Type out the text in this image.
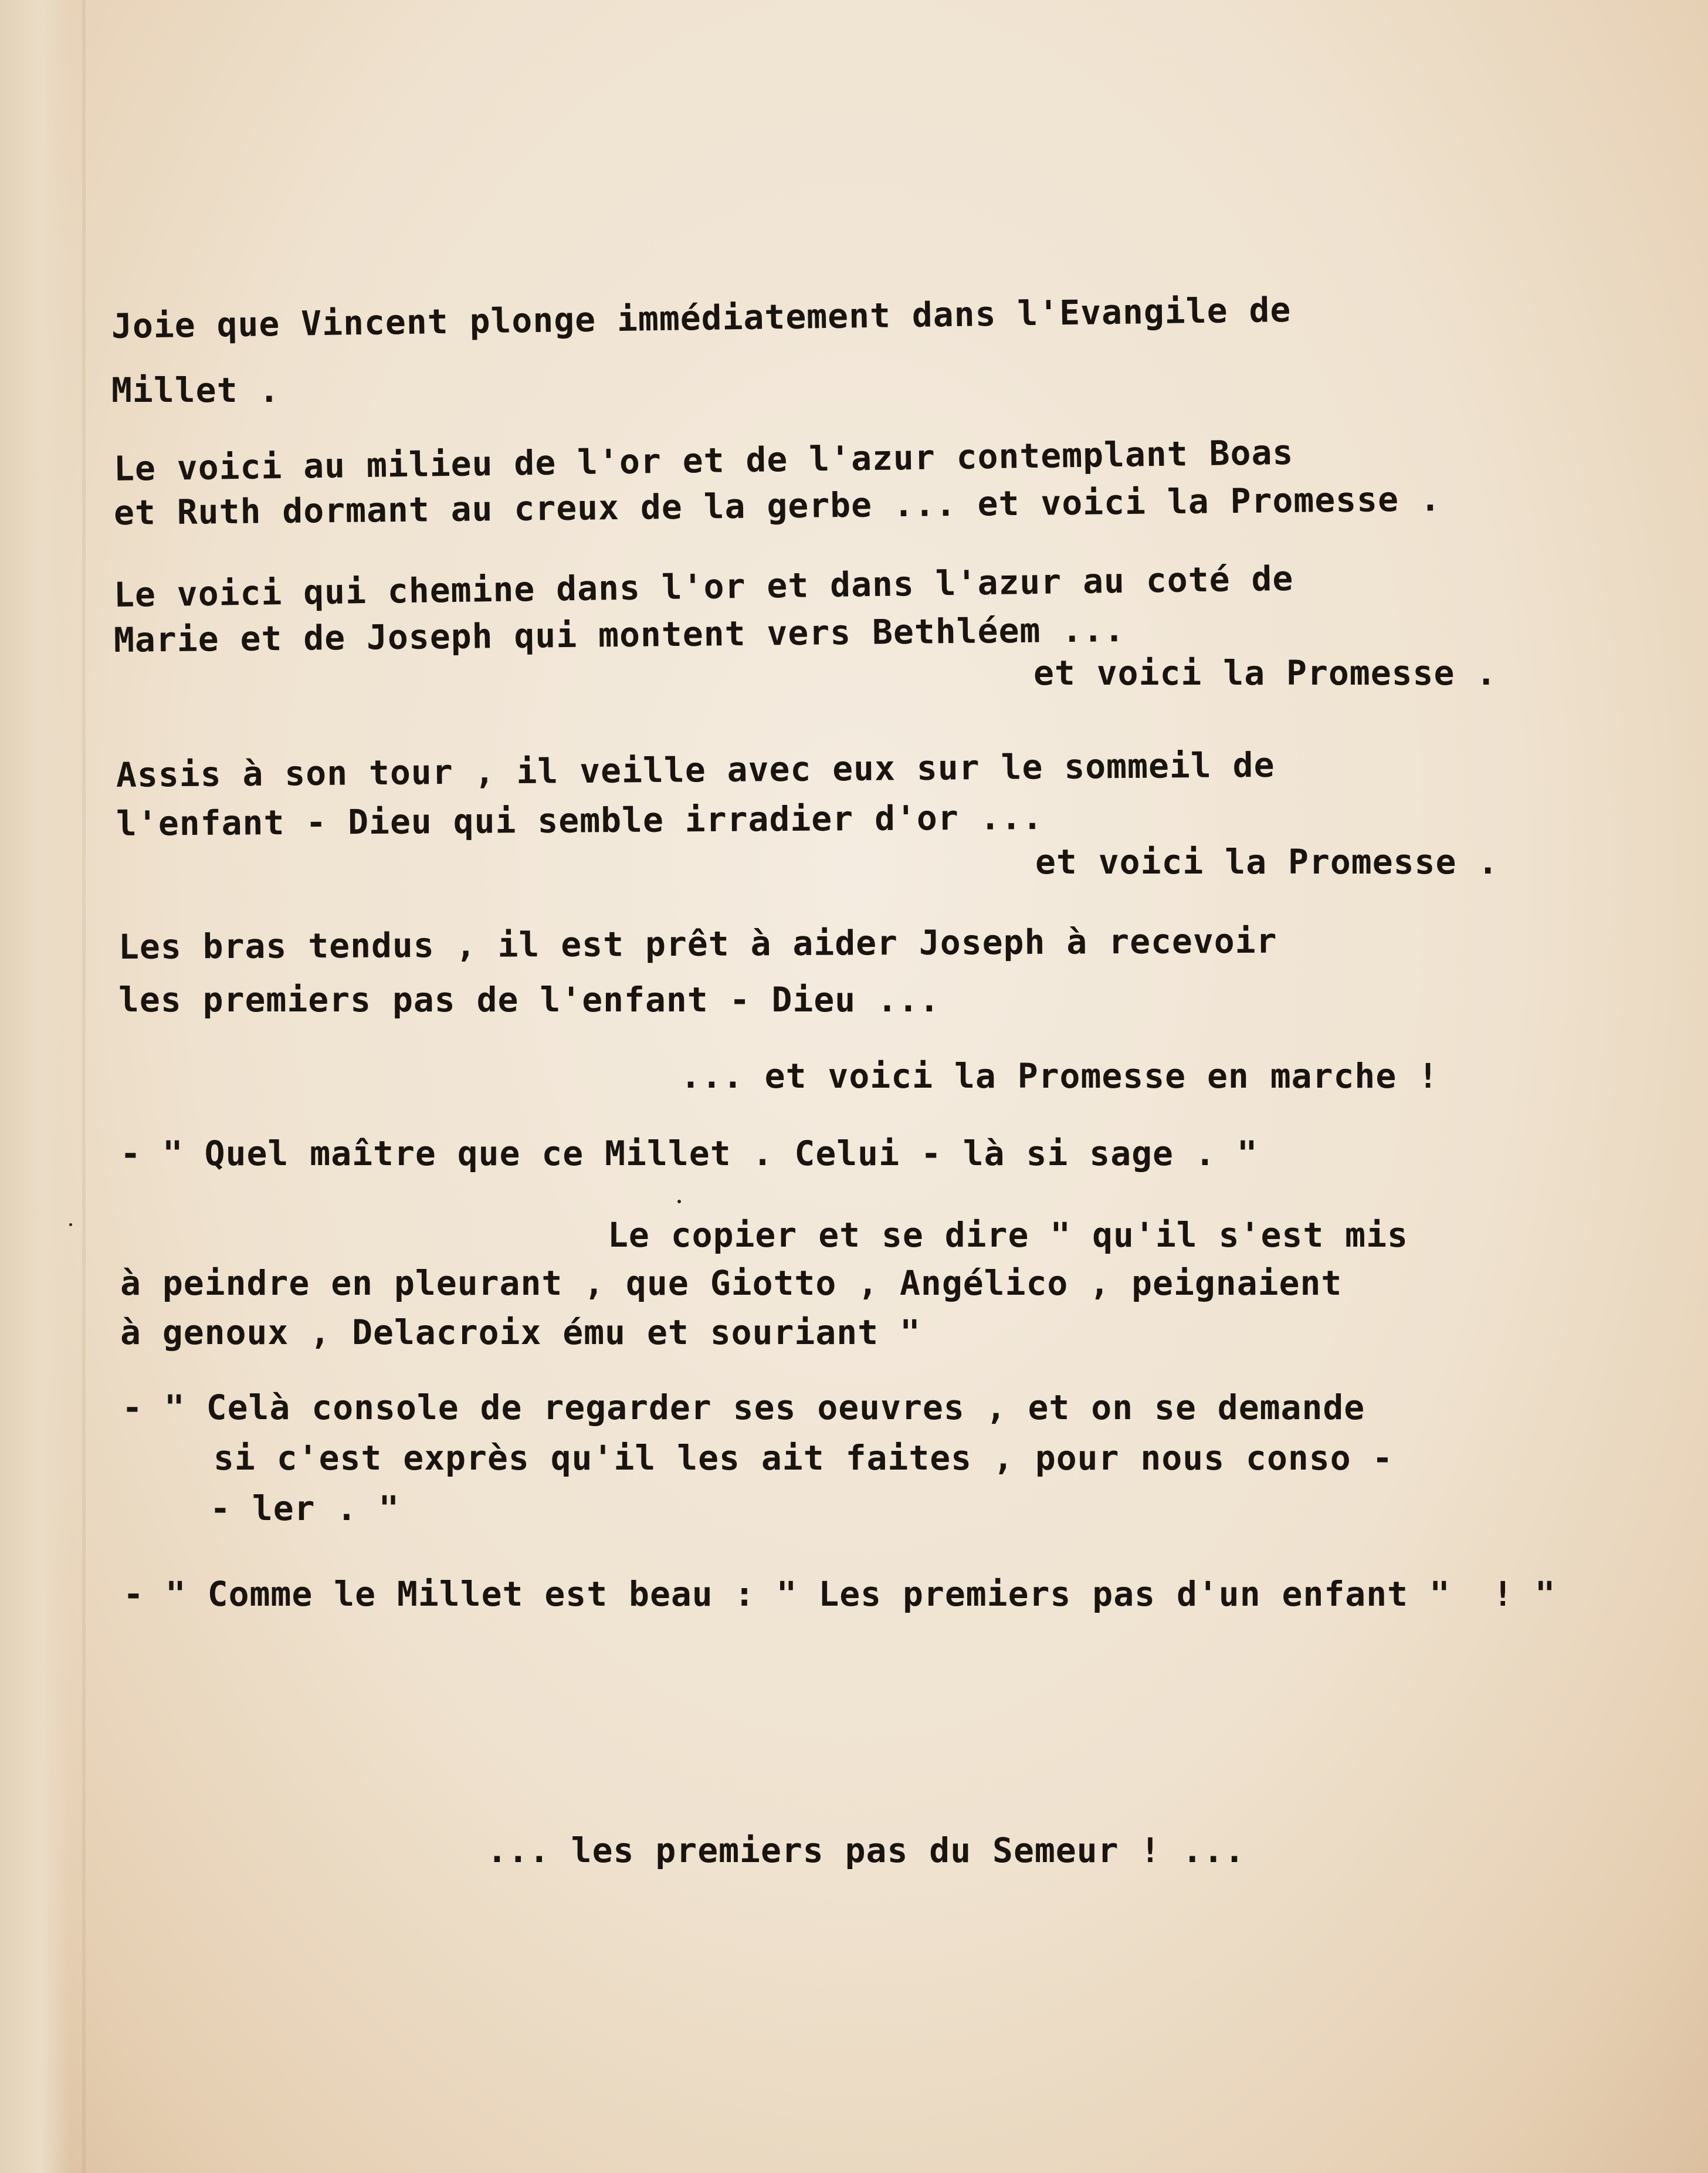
Joie que Vincent plonge immédiatement dans l'Evangile de
Millet .
Le voici au milieu de l'or et de l'azur contemplant Boas
et Ruth dormant au creux de la gerbe ... et voici la Promesse .
Le voici qui chemine dans l'or et dans l'azur au coté de
Marie et de Joseph qui montent vers Bethléem ...
et voici la Promesse .
Assis à son tour , il veille avec eux sur le sommeil de
l'enfant - Dieu qui semble irradier d'or ...
et voici la Promesse .
Les bras tendus , il est prêt à aider Joseph à recevoir
les premiers pas de l'enfant - Dieu ...
... et voici la Promesse en marche !
- " Quel maître que ce Millet . Celui - là si sage . "
Le copier et se dire " qu'il s'est mis
à peindre en pleurant , que Giotto , Angélico , peignaient
à genoux , Delacroix ému et souriant "
- " Celà console de regarder ses oeuvres , et on se demande
si c'est exprès qu'il les ait faites , pour nous conso -
- ler . "
- " Comme le Millet est beau : " Les premiers pas d'un enfant "  ! "
... les premiers pas du Semeur ! ...
